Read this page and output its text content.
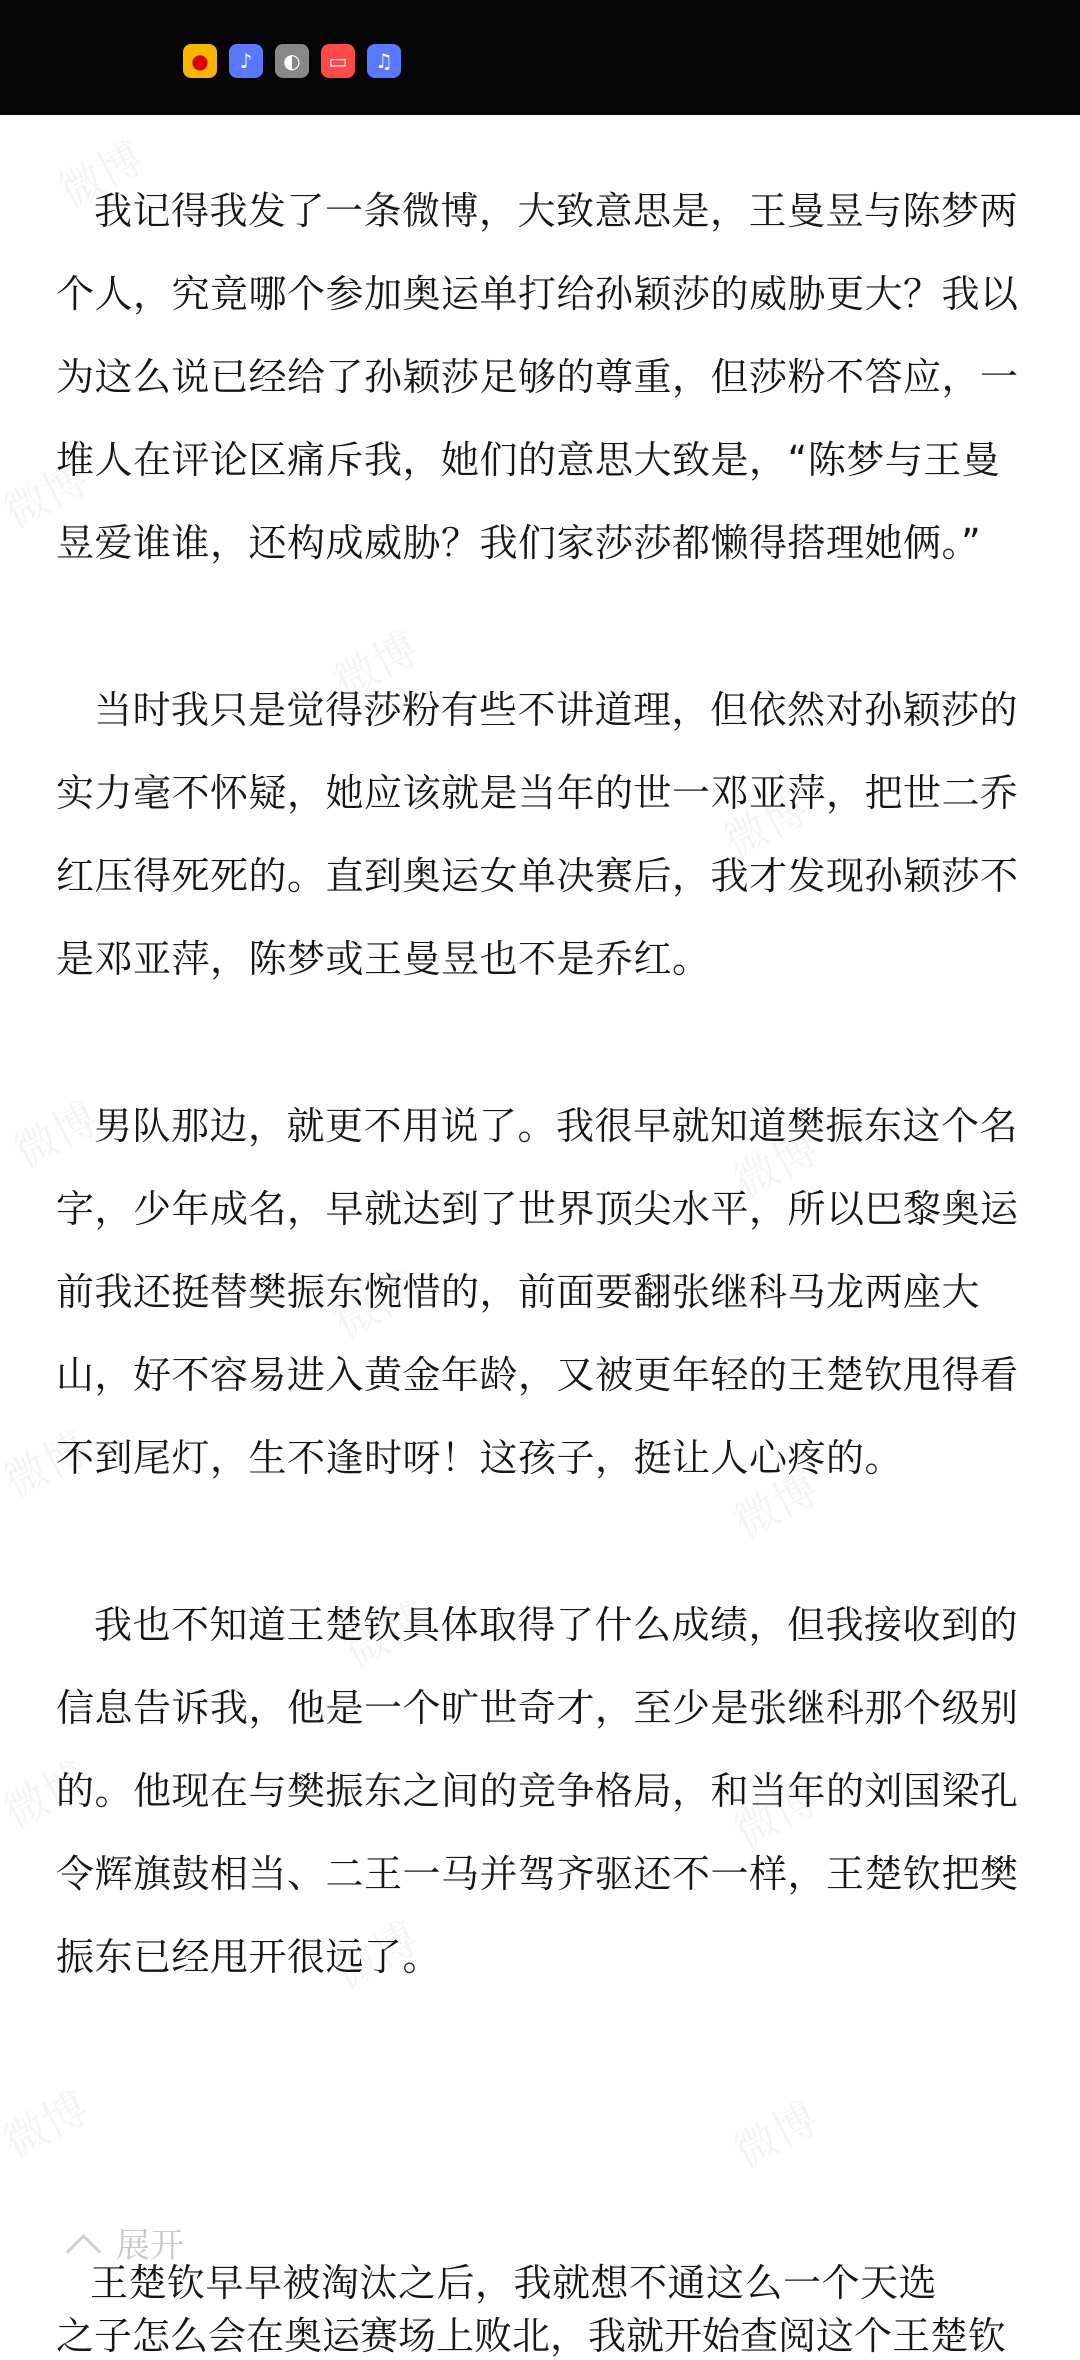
●	♪	◐	▭	♫

我记得我发了一条微博，大致意思是，王曼昱与陈梦两个人，究竟哪个参加奥运单打给孙颖莎的威胁更大？我以为这么说已经给了孙颖莎足够的尊重，但莎粉不答应，一堆人在评论区痛斥我，她们的意思大致是，“陈梦与王曼昱爱谁谁，还构成威胁？我们家莎莎都懒得搭理她俩。”

当时我只是觉得莎粉有些不讲道理，但依然对孙颖莎的实力毫不怀疑，她应该就是当年的世一邓亚萍，把世二乔红压得死死的。直到奥运女单决赛后，我才发现孙颖莎不是邓亚萍，陈梦或王曼昱也不是乔红。

男队那边，就更不用说了。我很早就知道樊振东这个名字，少年成名，早就达到了世界顶尖水平，所以巴黎奥运前我还挺替樊振东惋惜的，前面要翻张继科马龙两座大山，好不容易进入黄金年龄，又被更年轻的王楚钦甩得看不到尾灯，生不逢时呀！这孩子，挺让人心疼的。

我也不知道王楚钦具体取得了什么成绩，但我接收到的信息告诉我，他是一个旷世奇才，至少是张继科那个级别的。他现在与樊振东之间的竞争格局，和当年的刘国梁孔令辉旗鼓相当、二王一马并驾齐驱还不一样，王楚钦把樊振东已经甩开很远了。

展开
王楚钦早早被淘汰之后，我就想不通这么一个天选
之子怎么会在奥运赛场上败北，我就开始查阅这个王楚钦
